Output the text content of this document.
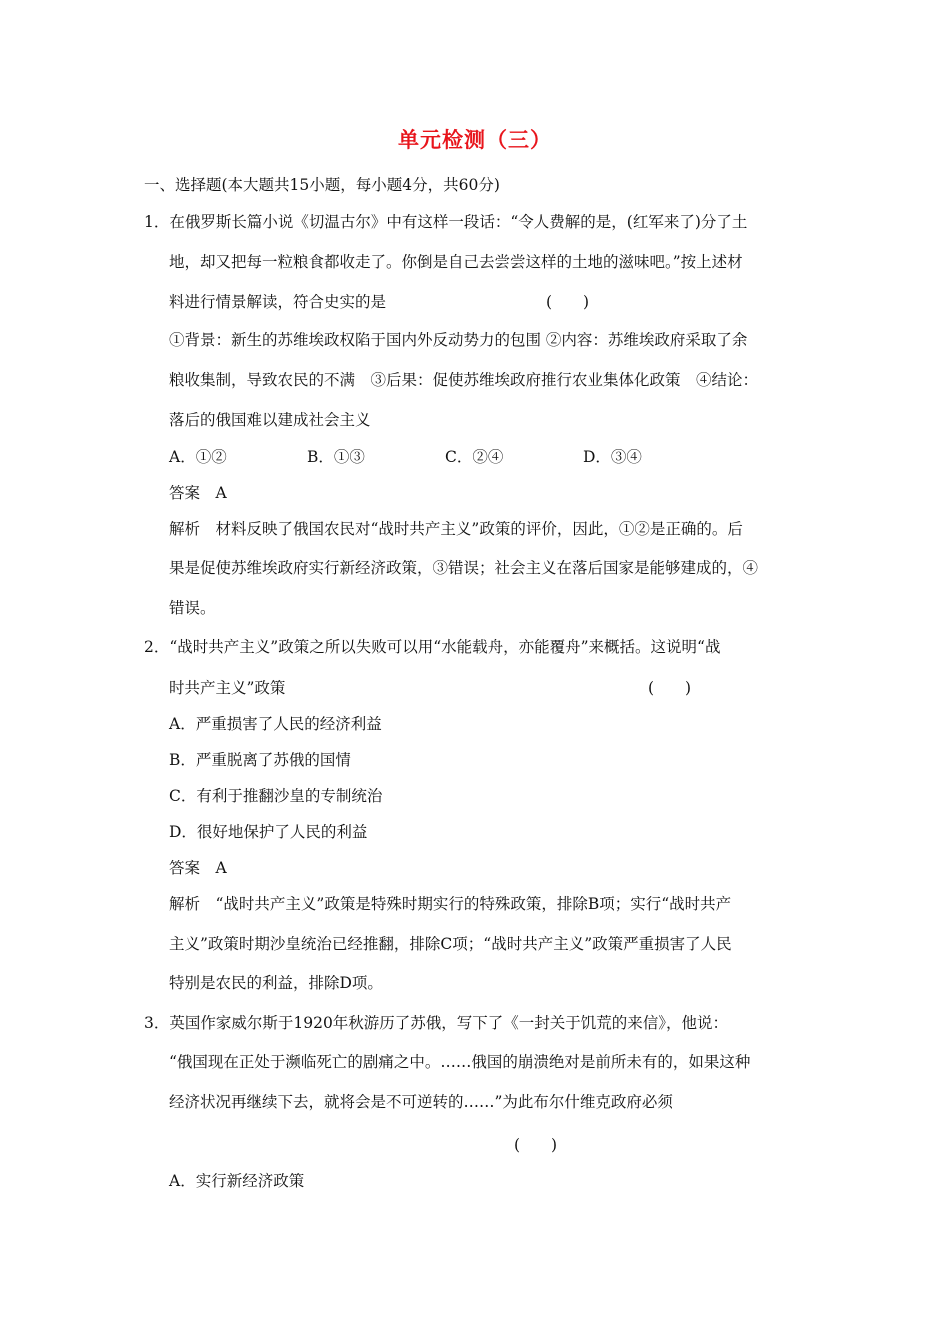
单元检测（三）
一、选择题(本大题共15小题，每小题4分，共60分)
1．在俄罗斯长篇小说《切温古尔》中有这样一段话：“令人费解的是，(红军来了)分了土
地，却又把每一粒粮食都收走了。你倒是自己去尝尝这样的土地的滋味吧。”按上述材
料进行情景解读，符合史实的是	(　　)
①背景：新生的苏维埃政权陷于国内外反动势力的包围 ②内容：苏维埃政府采取了余
粮收集制，导致农民的不满　③后果：促使苏维埃政府推行农业集体化政策　④结论：
落后的俄国难以建成社会主义
A．①②	B．①③	C．②④	D．③④
答案　A
解析　材料反映了俄国农民对“战时共产主义”政策的评价，因此，①②是正确的。后
果是促使苏维埃政府实行新经济政策，③错误；社会主义在落后国家是能够建成的，④
错误。
2．“战时共产主义”政策之所以失败可以用“水能载舟，亦能覆舟”来概括。这说明“战
时共产主义”政策	(　　)
A．严重损害了人民的经济利益
B．严重脱离了苏俄的国情
C．有利于推翻沙皇的专制统治
D．很好地保护了人民的利益
答案　A
解析　“战时共产主义”政策是特殊时期实行的特殊政策，排除B项；实行“战时共产
主义”政策时期沙皇统治已经推翻，排除C项；“战时共产主义”政策严重损害了人民
特别是农民的利益，排除D项。
3．英国作家威尔斯于1920年秋游历了苏俄，写下了《一封关于饥荒的来信》，他说：
“俄国现在正处于濒临死亡的剧痛之中。……俄国的崩溃绝对是前所未有的，如果这种
经济状况再继续下去，就将会是不可逆转的……”为此布尔什维克政府必须
(　　)
A．实行新经济政策
